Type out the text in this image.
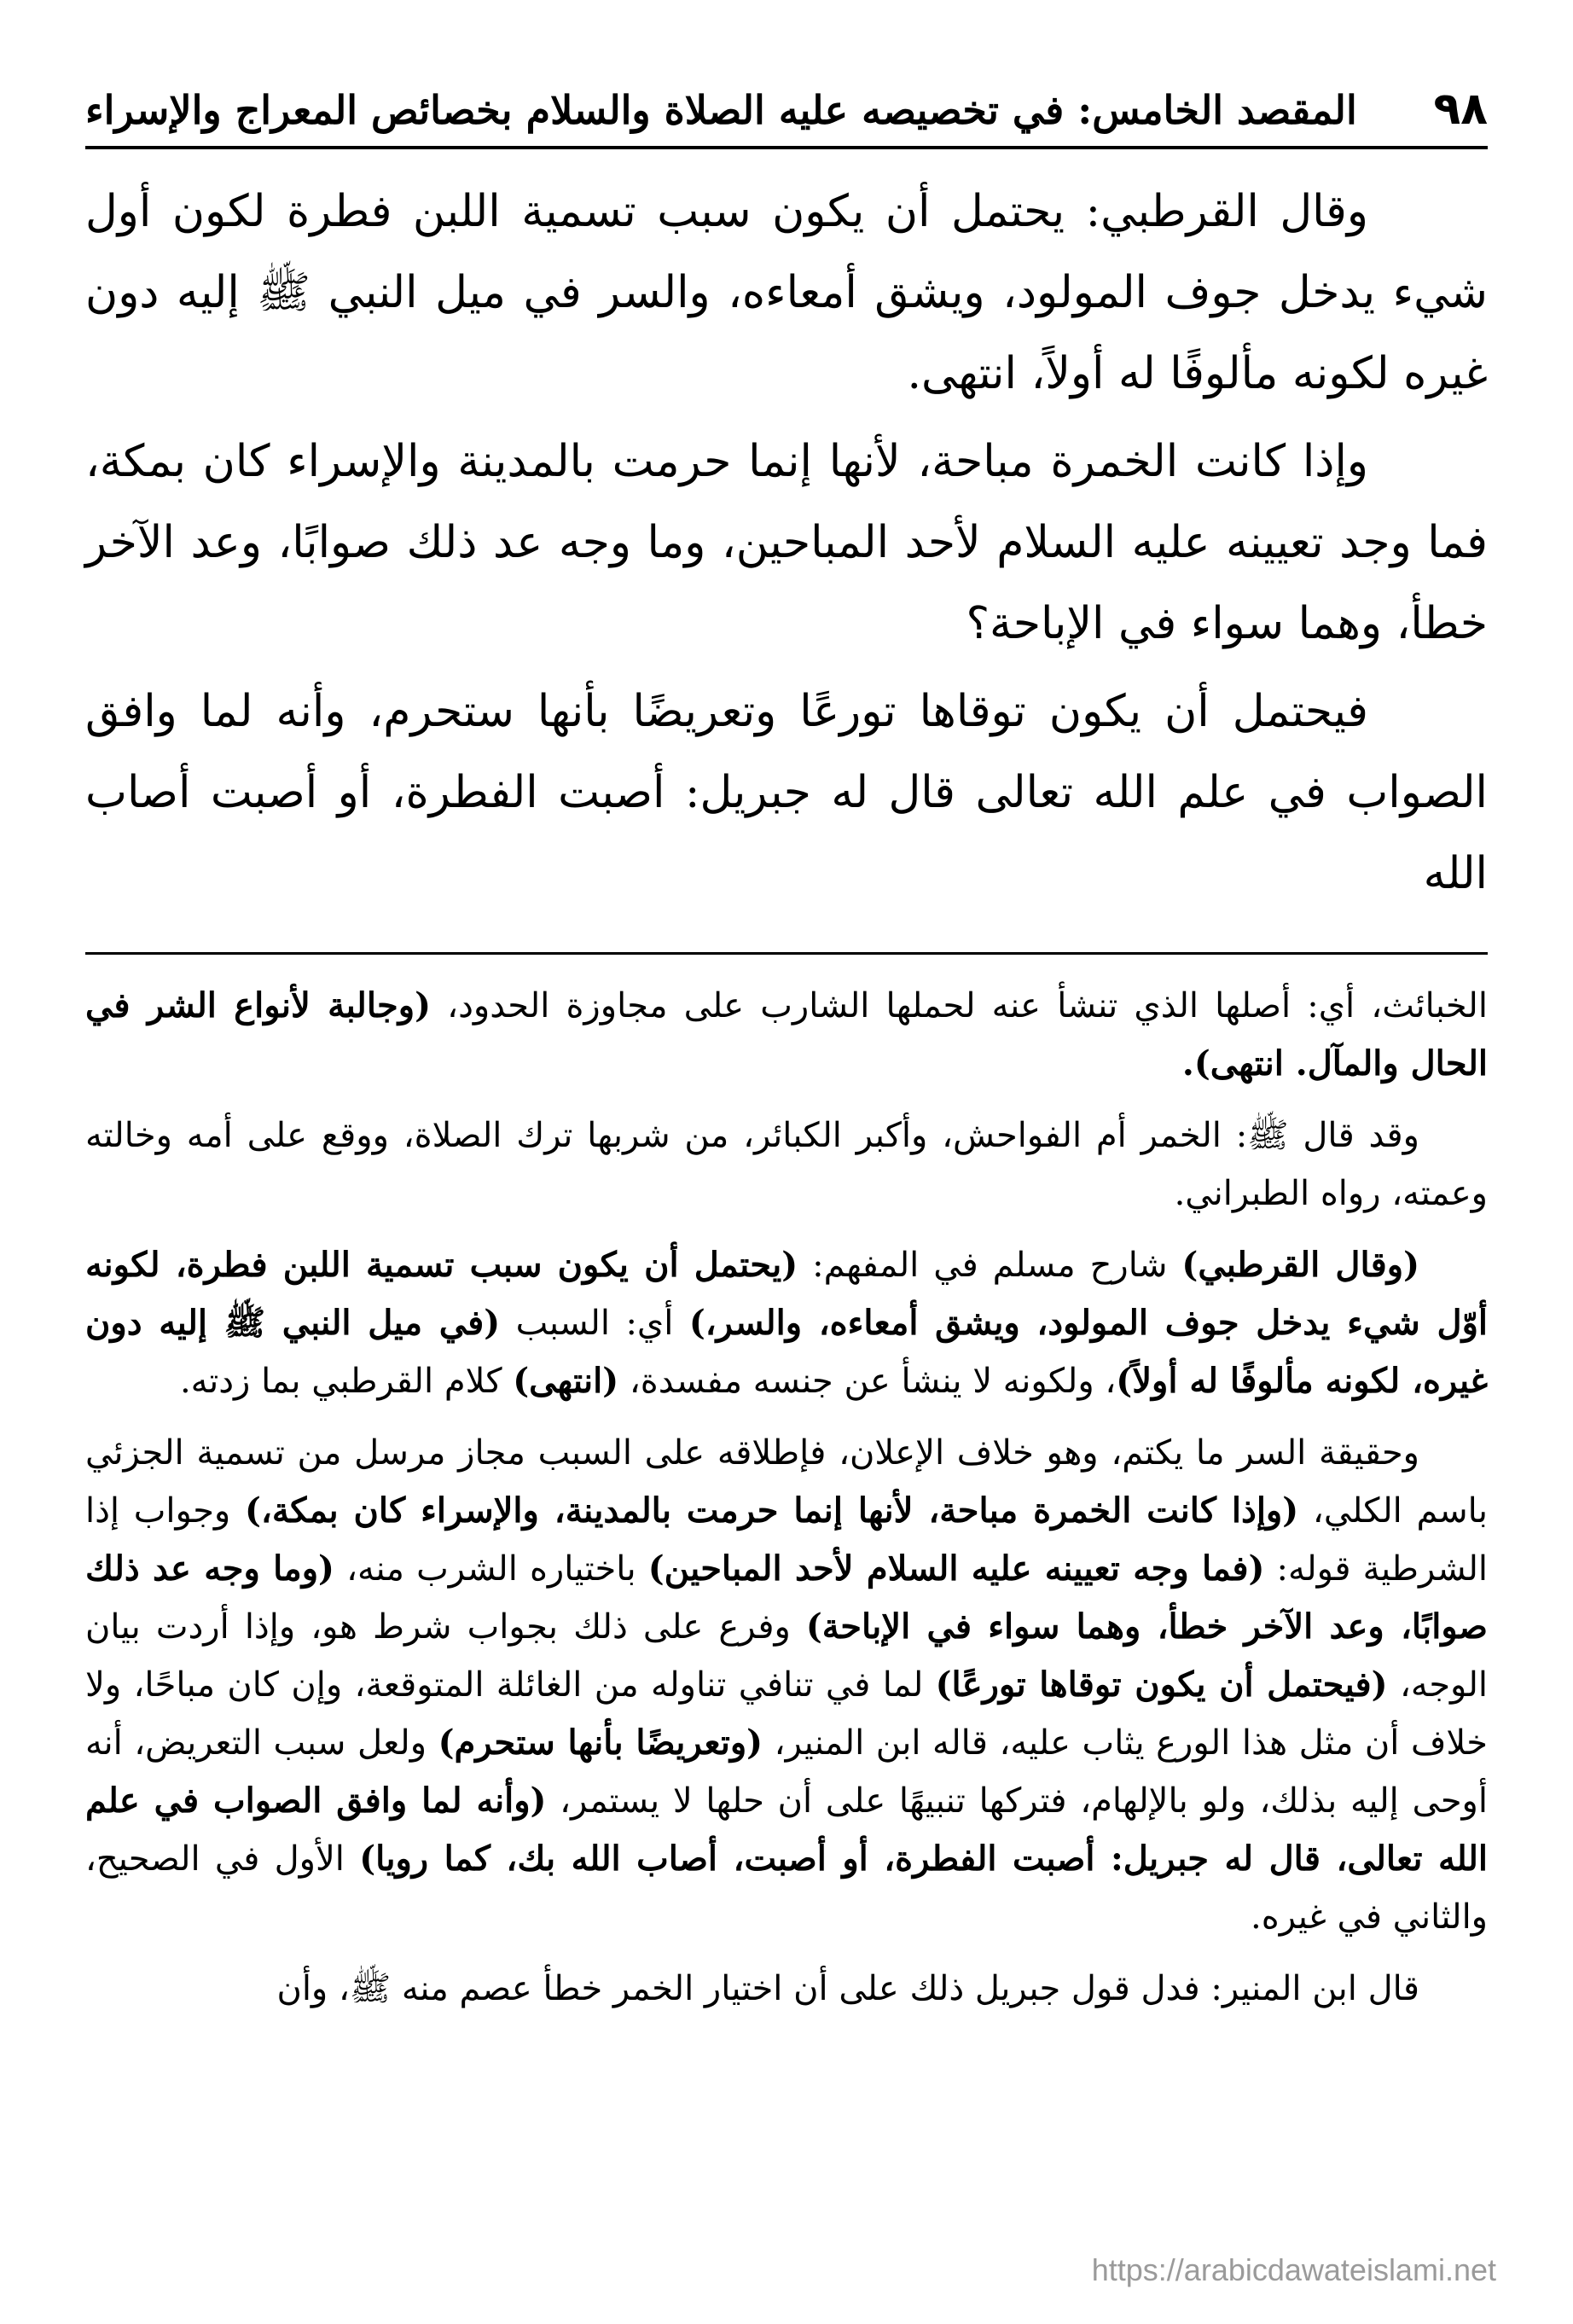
٩٨
المقصد الخامس: في تخصيصه عليه الصلاة والسلام بخصائص المعراج والإسراء

وقال القرطبي: يحتمل أن يكون سبب تسمية اللبن فطرة لكون أول شيء يدخل جوف المولود، ويشق أمعاءه، والسر في ميل النبي ﷺ إليه دون غيره لكونه مألوفًا له أولاً، انتهى.

وإذا كانت الخمرة مباحة، لأنها إنما حرمت بالمدينة والإسراء كان بمكة، فما وجد تعيينه عليه السلام لأحد المباحين، وما وجه عد ذلك صوابًا، وعد الآخر خطأ، وهما سواء في الإباحة؟

فيحتمل أن يكون توقاها تورعًا وتعريضًا بأنها ستحرم، وأنه لما وافق الصواب في علم الله تعالى قال له جبريل: أصبت الفطرة، أو أصبت أصاب الله

الخبائث، أي: أصلها الذي تنشأ عنه لحملها الشارب على مجاوزة الحدود، (وجالبة لأنواع الشر في الحال والمآل. انتهى).

وقد قال ﷺ: الخمر أم الفواحش، وأكبر الكبائر، من شربها ترك الصلاة، ووقع على أمه وخالته وعمته، رواه الطبراني.

(وقال القرطبي) شارح مسلم في المفهم: (يحتمل أن يكون سبب تسمية اللبن فطرة، لكونه أوّل شيء يدخل جوف المولود، ويشق أمعاءه، والسر،) أي: السبب (في ميل النبي ﷺ إليه دون غيره، لكونه مألوفًا له أولاً)، ولكونه لا ينشأ عن جنسه مفسدة، (انتهى) كلام القرطبي بما زدته.

وحقيقة السر ما يكتم، وهو خلاف الإعلان، فإطلاقه على السبب مجاز مرسل من تسمية الجزئي باسم الكلي، (وإذا كانت الخمرة مباحة، لأنها إنما حرمت بالمدينة، والإسراء كان بمكة،) وجواب إذا الشرطية قوله: (فما وجه تعيينه عليه السلام لأحد المباحين) باختياره الشرب منه، (وما وجه عد ذلك صوابًا، وعد الآخر خطأ، وهما سواء في الإباحة) وفرع على ذلك بجواب شرط هو، وإذا أردت بيان الوجه، (فيحتمل أن يكون توقاها تورعًا) لما في تنافي تناوله من الغائلة المتوقعة، وإن كان مباحًا، ولا خلاف أن مثل هذا الورع يثاب عليه، قاله ابن المنير، (وتعريضًا بأنها ستحرم) ولعل سبب التعريض، أنه أوحى إليه بذلك، ولو بالإلهام، فتركها تنبيهًا على أن حلها لا يستمر، (وأنه لما وافق الصواب في علم الله تعالى، قال له جبريل: أصبت الفطرة، أو أصبت، أصاب الله بك، كما رويا) الأول في الصحيح، والثاني في غيره.

قال ابن المنير: فدل قول جبريل ذلك على أن اختيار الخمر خطأ عصم منه ﷺ، وأن

https://arabicdawateislami.net
